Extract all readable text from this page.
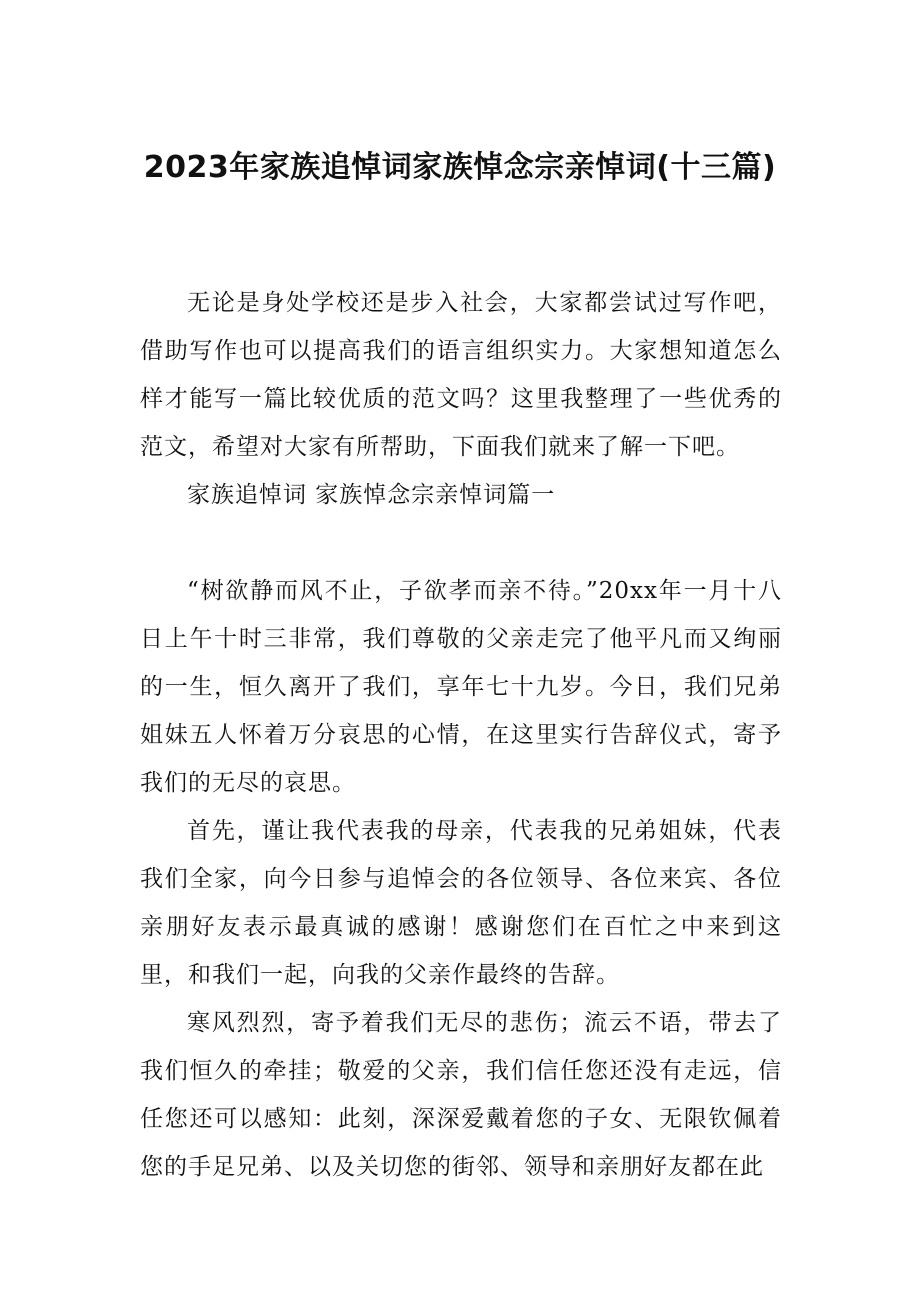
2023年家族追悼词家族悼念宗亲悼词(十三篇)

无论是身处学校还是步入社会，大家都尝试过写作吧，借助写作也可以提高我们的语言组织实力。大家想知道怎么样才能写一篇比较优质的范文吗？这里我整理了一些优秀的范文，希望对大家有所帮助，下面我们就来了解一下吧。

家族追悼词 家族悼念宗亲悼词篇一

“树欲静而风不止，子欲孝而亲不待。”20xx年一月十八日上午十时三非常，我们尊敬的父亲走完了他平凡而又绚丽的一生，恒久离开了我们，享年七十九岁。今日，我们兄弟姐妹五人怀着万分哀思的心情，在这里实行告辞仪式，寄予我们的无尽的哀思。

首先，谨让我代表我的母亲，代表我的兄弟姐妹，代表我们全家，向今日参与追悼会的各位领导、各位来宾、各位亲朋好友表示最真诚的感谢！感谢您们在百忙之中来到这里，和我们一起，向我的父亲作最终的告辞。

寒风烈烈，寄予着我们无尽的悲伤；流云不语，带去了我们恒久的牵挂；敬爱的父亲，我们信任您还没有走远，信任您还可以感知：此刻，深深爱戴着您的子女、无限钦佩着您的手足兄弟、以及关切您的街邻、领导和亲朋好友都在此
